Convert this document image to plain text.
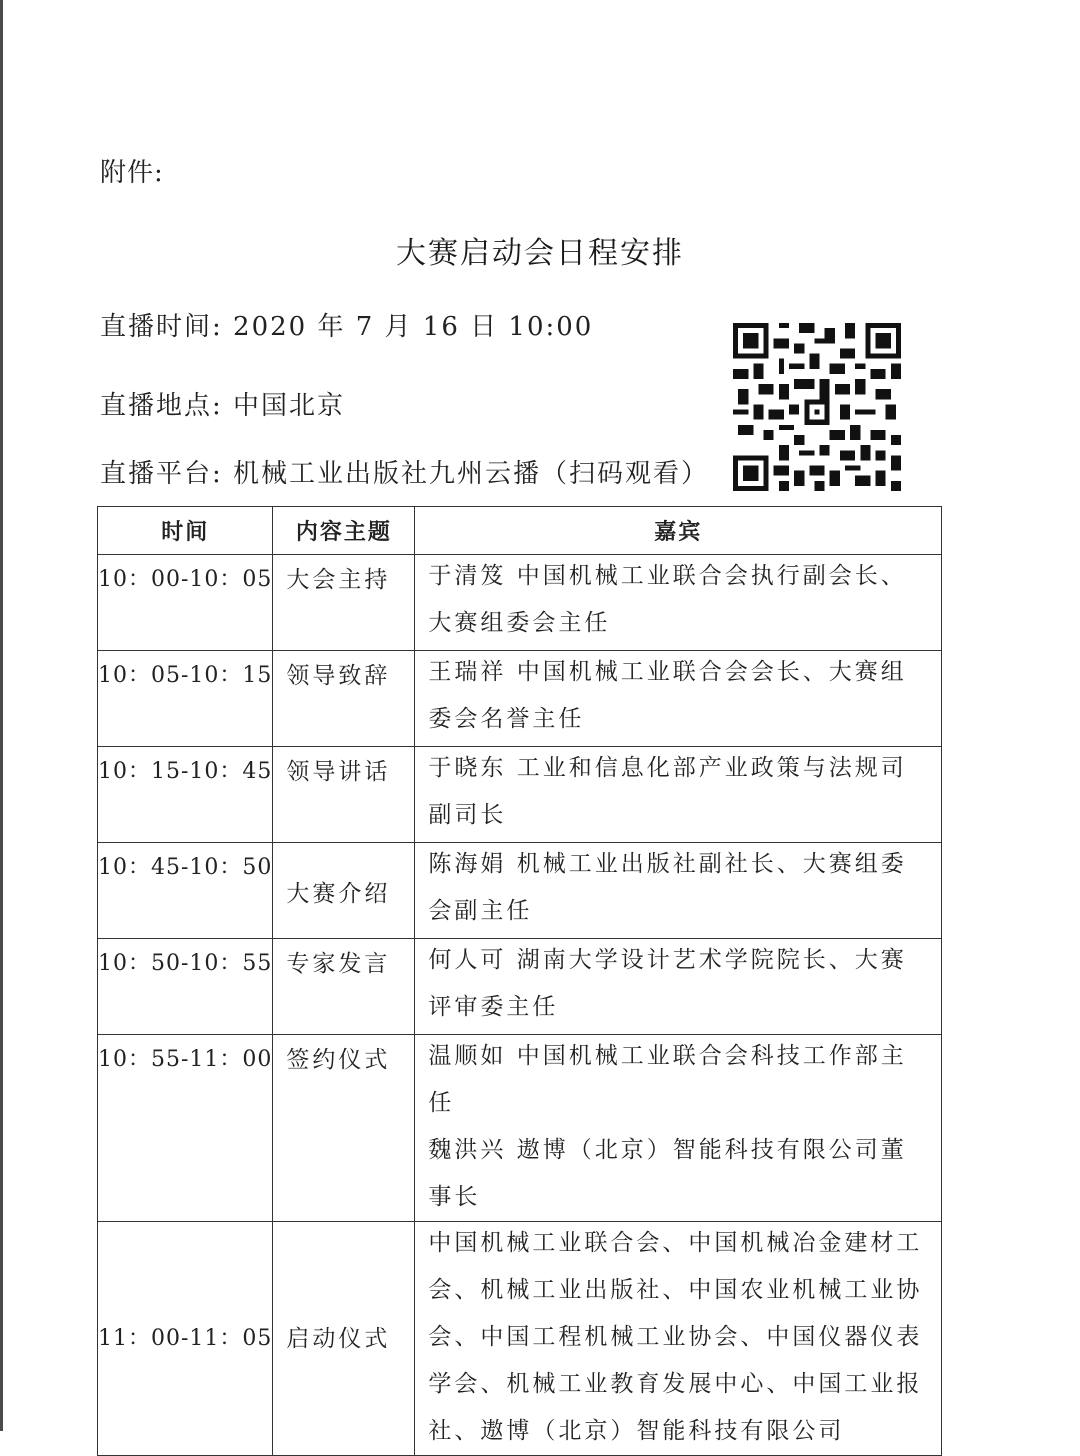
附件:
大赛启动会日程安排
直播时间: 2020 年 7 月 16 日 10:00
直播地点: 中国北京
直播平台: 机械工业出版社九州云播（扫码观看）
时间	内容主题	嘉宾
10：00-10：05	大会主持	于清笈 中国机械工业联合会执行副会长、大赛组委会主任

10：05-10：15	领导致辞	王瑞祥 中国机械工业联合会会长、大赛组委会名誉主任

10：15-10：45	领导讲话	于晓东 工业和信息化部产业政策与法规司副司长

10：45-10：50	大赛介绍	陈海娟 机械工业出版社副社长、大赛组委会副主任

10：50-10：55	专家发言	何人可 湖南大学设计艺术学院院长、大赛评审委主任

10：55-11：00	签约仪式	温顺如 中国机械工业联合会科技工作部主任
魏洪兴 遨博（北京）智能科技有限公司董事长

11：00-11：05	启动仪式	中国机械工业联合会、中国机械冶金建材工会、机械工业出版社、中国农业机械工业协会、中国工程机械工业协会、中国仪器仪表学会、机械工业教育发展中心、中国工业报社、遨博（北京）智能科技有限公司
